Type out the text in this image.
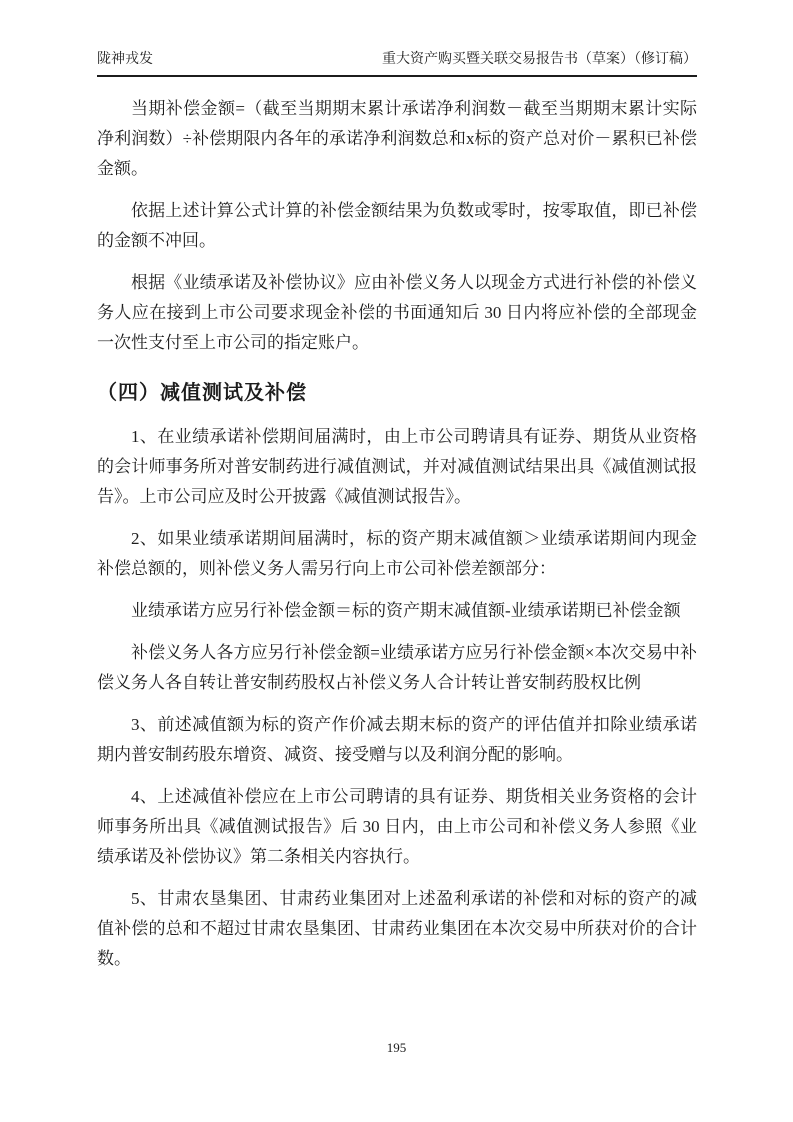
陇神戎发	重大资产购买暨关联交易报告书（草案）（修订稿）

当期补偿金额=（截至当期期末累计承诺净利润数－截至当期期末累计实际净利润数）÷补偿期限内各年的承诺净利润数总和x标的资产总对价－累积已补偿金额。

依据上述计算公式计算的补偿金额结果为负数或零时，按零取值，即已补偿的金额不冲回。

根据《业绩承诺及补偿协议》应由补偿义务人以现金方式进行补偿的补偿义务人应在接到上市公司要求现金补偿的书面通知后 30 日内将应补偿的全部现金一次性支付至上市公司的指定账户。

（四）减值测试及补偿

1、在业绩承诺补偿期间届满时，由上市公司聘请具有证券、期货从业资格的会计师事务所对普安制药进行减值测试，并对减值测试结果出具《减值测试报告》。上市公司应及时公开披露《减值测试报告》。

2、如果业绩承诺期间届满时，标的资产期末减值额＞业绩承诺期间内现金补偿总额的，则补偿义务人需另行向上市公司补偿差额部分：

业绩承诺方应另行补偿金额＝标的资产期末减值额-业绩承诺期已补偿金额

补偿义务人各方应另行补偿金额=业绩承诺方应另行补偿金额×本次交易中补偿义务人各自转让普安制药股权占补偿义务人合计转让普安制药股权比例

3、前述减值额为标的资产作价减去期末标的资产的评估值并扣除业绩承诺期内普安制药股东增资、减资、接受赠与以及利润分配的影响。

4、上述减值补偿应在上市公司聘请的具有证券、期货相关业务资格的会计师事务所出具《减值测试报告》后 30 日内，由上市公司和补偿义务人参照《业绩承诺及补偿协议》第二条相关内容执行。

5、甘肃农垦集团、甘肃药业集团对上述盈利承诺的补偿和对标的资产的减值补偿的总和不超过甘肃农垦集团、甘肃药业集团在本次交易中所获对价的合计数。

195
